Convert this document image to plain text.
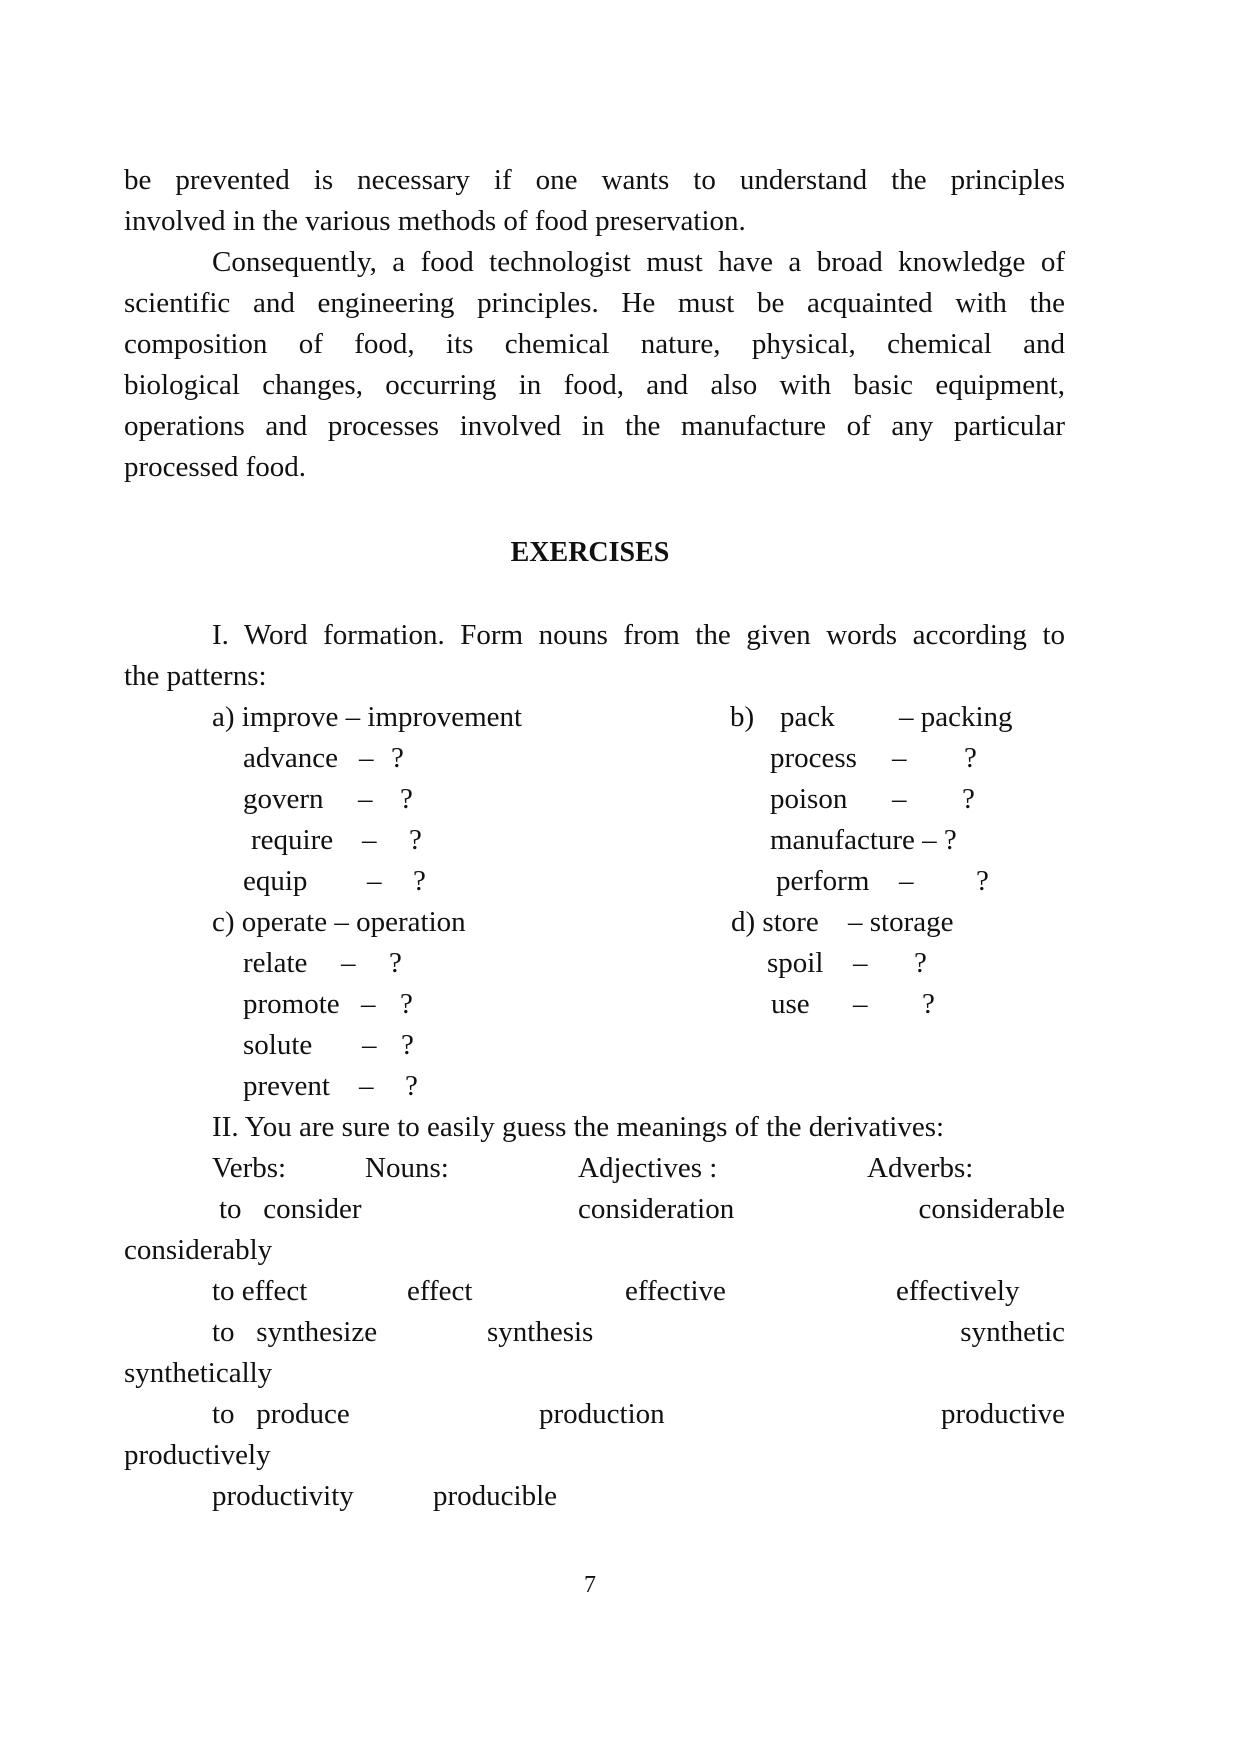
be prevented is necessary if one wants to understand the principles
involved in the various methods of food preservation.
Consequently, a food technologist must have a broad knowledge of
scientific and engineering principles. He must be acquainted with the
composition of food, its chemical nature, physical, chemical and
biological changes, occurring in food, and also with basic equipment,
operations and processes involved in the manufacture of any particular
processed food.
EXERCISES
I. Word formation. Form nouns from the given words according to
the patterns:
a) improve – improvement
advance – ?
govern – ?
require – ?
equip – ?
b) pack – packing
process – ?
poison – ?
manufacture – ?
perform – ?
c) operate – operation
relate – ?
promote – ?
solute – ?
prevent – ?
d) store – storage
spoil – ?
use – ?
II. You are sure to easily guess the meanings of the derivatives:
Verbs:	Nouns:	Adjectives :	Adverbs:
to   consider	consideration	considerable
considerably
to effect	effect	effective	effectively
to   synthesize	synthesis	synthetic
synthetically
to   produce	production	productive
productively
productivity	producible
7
